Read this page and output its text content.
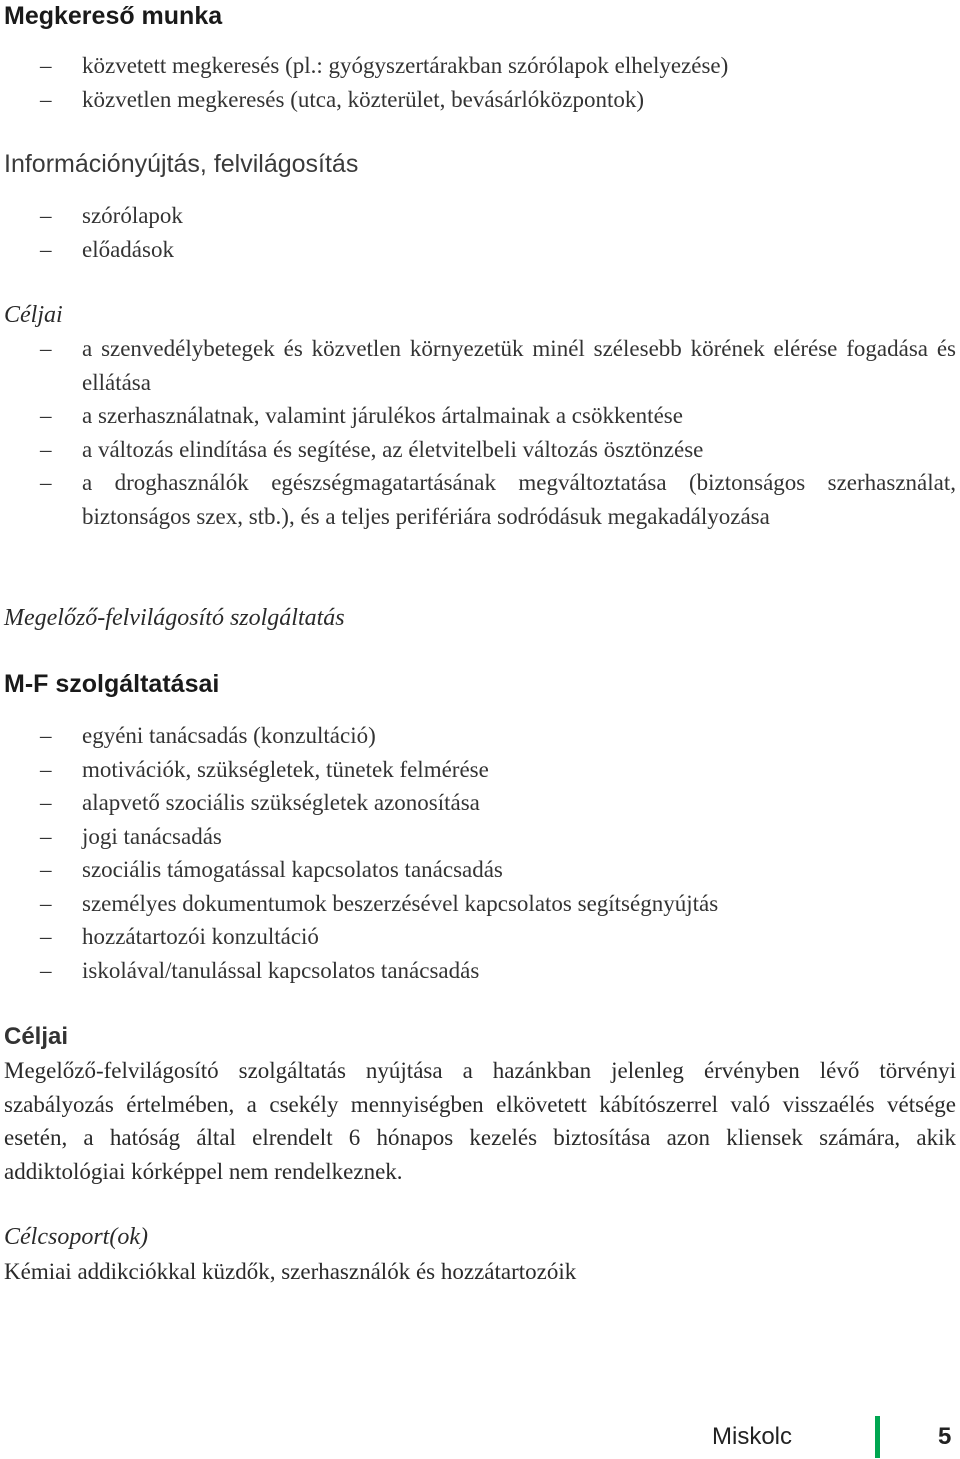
Megkereső munka
–	közvetett megkeresés (pl.: gyógyszertárakban szórólapok elhelyezése)
–	közvetlen megkeresés (utca, közterület, bevásárlóközpontok)
Információnyújtás, felvilágosítás
–	szórólapok
–	előadások
Céljai
–	a szenvedélybetegek és közvetlen környezetük minél szélesebb körének elérése fogadása és ellátása
–	a szerhasználatnak, valamint járulékos ártalmainak a csökkentése
–	a változás elindítása és segítése, az életvitelbeli változás ösztönzése
–	a droghasználók egészségmagatartásának megváltoztatása (biztonságos szerhasználat, biztonságos szex, stb.), és a teljes perifériára sodródásuk megakadályozása
Megelőző-felvilágosító szolgáltatás
M-F szolgáltatásai
–	egyéni tanácsadás (konzultáció)
–	motivációk, szükségletek, tünetek felmérése
–	alapvető szociális szükségletek azonosítása
–	jogi tanácsadás
–	szociális támogatással kapcsolatos tanácsadás
–	személyes dokumentumok beszerzésével kapcsolatos segítségnyújtás
–	hozzátartozói konzultáció
–	iskolával/tanulással kapcsolatos tanácsadás
Céljai

Megelőző-felvilágosító szolgáltatás nyújtása a hazánkban jelenleg érvényben lévő törvényi szabályozás értelmében, a csekély mennyiségben elkövetett kábítószerrel való visszaélés vétsége esetén, a hatóság által elrendelt 6 hónapos kezelés biztosítása azon kliensek számára, akik addiktológiai kórképpel nem rendelkeznek.

Célcsoport(ok)

Kémiai addikciókkal küzdők, szerhasználók és hozzátartozóik

Miskolc	5
